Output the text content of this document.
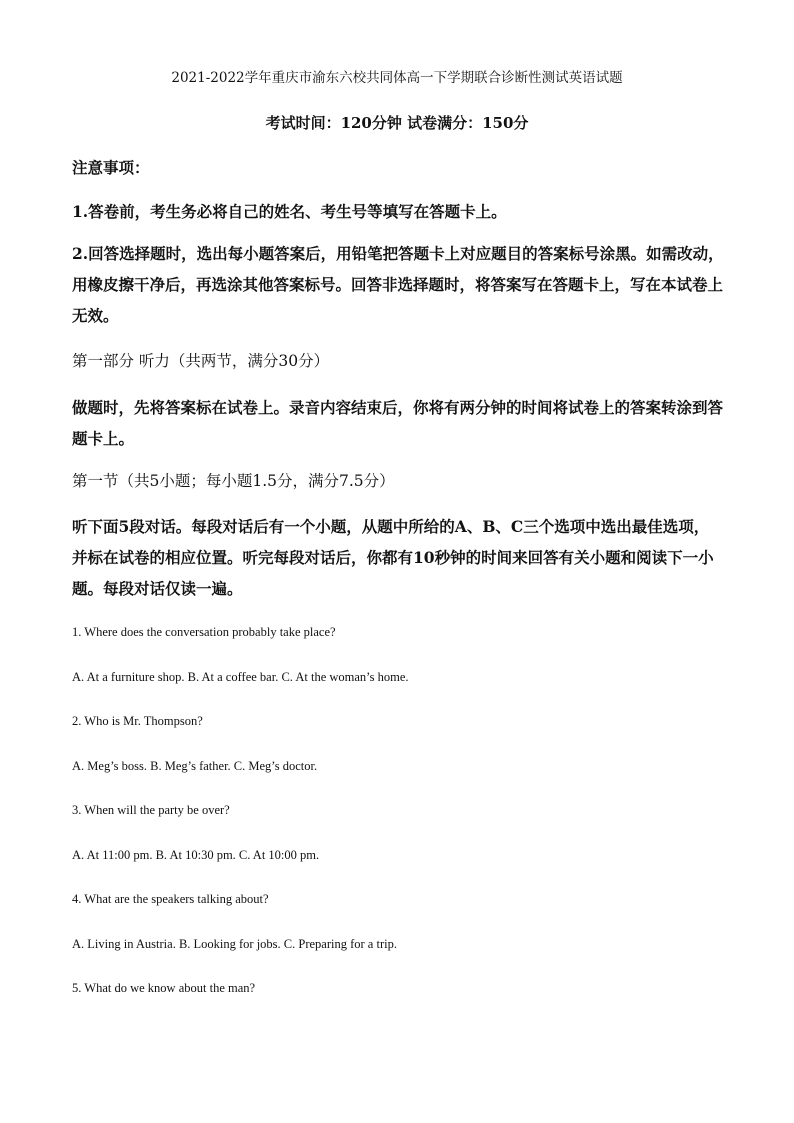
2021-2022学年重庆市渝东六校共同体高一下学期联合诊断性测试英语试题

考试时间：120分钟 试卷满分：150分

注意事项：

1.答卷前，考生务必将自己的姓名、考生号等填写在答题卡上。

2.回答选择题时，选出每小题答案后，用铅笔把答题卡上对应题目的答案标号涂黑。如需改动，用橡皮擦干净后，再选涂其他答案标号。回答非选择题时，将答案写在答题卡上，写在本试卷上无效。

第一部分 听力（共两节，满分30分）

做题时，先将答案标在试卷上。录音内容结束后，你将有两分钟的时间将试卷上的答案转涂到答题卡上。

第一节（共5小题；每小题1.5分，满分7.5分）

听下面5段对话。每段对话后有一个小题，从题中所给的A、B、C三个选项中选出最佳选项，并标在试卷的相应位置。听完每段对话后，你都有10秒钟的时间来回答有关小题和阅读下一小题。每段对话仅读一遍。

1. Where does the conversation probably take place?

A. At a furniture shop. B. At a coffee bar. C. At the woman’s home.

2. Who is Mr. Thompson?

A. Meg’s boss. B. Meg’s father. C. Meg’s doctor.

3. When will the party be over?

A. At 11:00 pm. B. At 10:30 pm. C. At 10:00 pm.

4. What are the speakers talking about?

A. Living in Austria. B. Looking for jobs. C. Preparing for a trip.

5. What do we know about the man?
